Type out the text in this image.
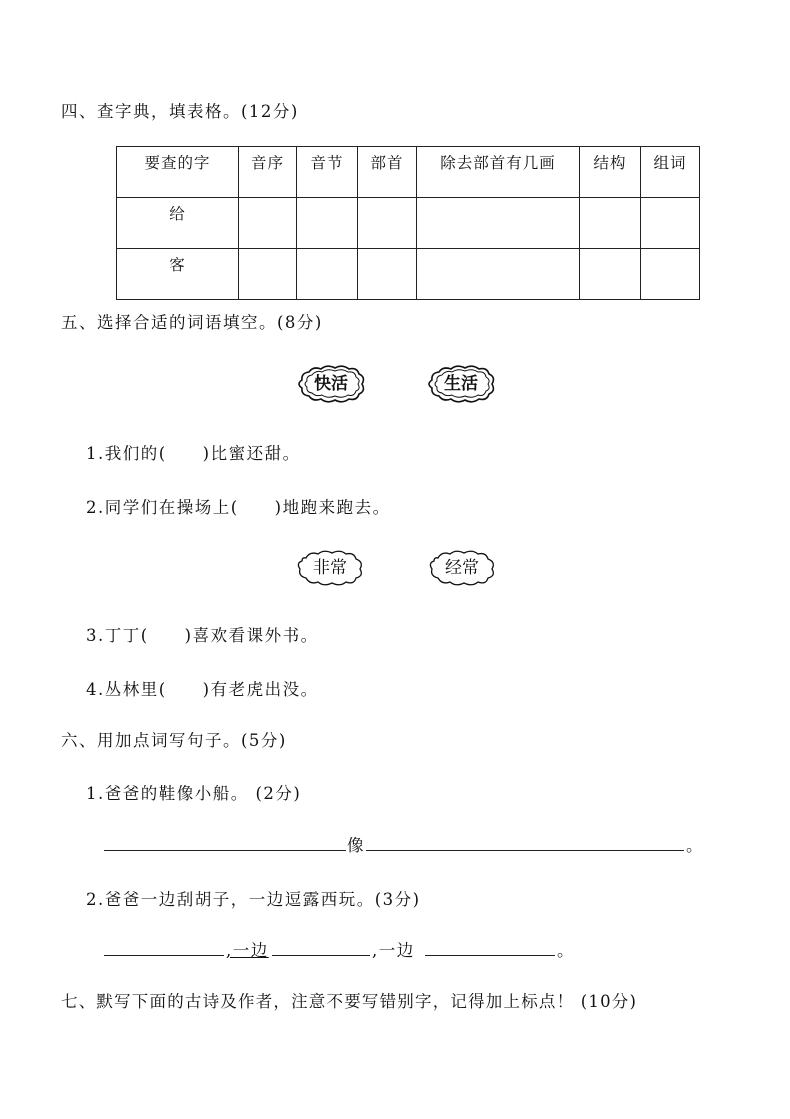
四、查字典，填表格。(12分)
要查的字	音序	音节	部首	除去部首有几画	结构	组词
给						
客						
五、选择合适的词语填空。(8分)
快活	生活
1.我们的(　　)比蜜还甜。
2.同学们在操场上(　　)地跑来跑去。
非常	经常
3.丁丁(　　)喜欢看课外书。
4.丛林里(　　)有老虎出没。
六、用加点词写句子。(5分)
1.爸爸的鞋像小船。 (2分)
像	。
2.爸爸一边刮胡子，一边逗露西玩。(3分)
,一边	,一边	。
七、默写下面的古诗及作者，注意不要写错别字，记得加上标点！ (10分)
